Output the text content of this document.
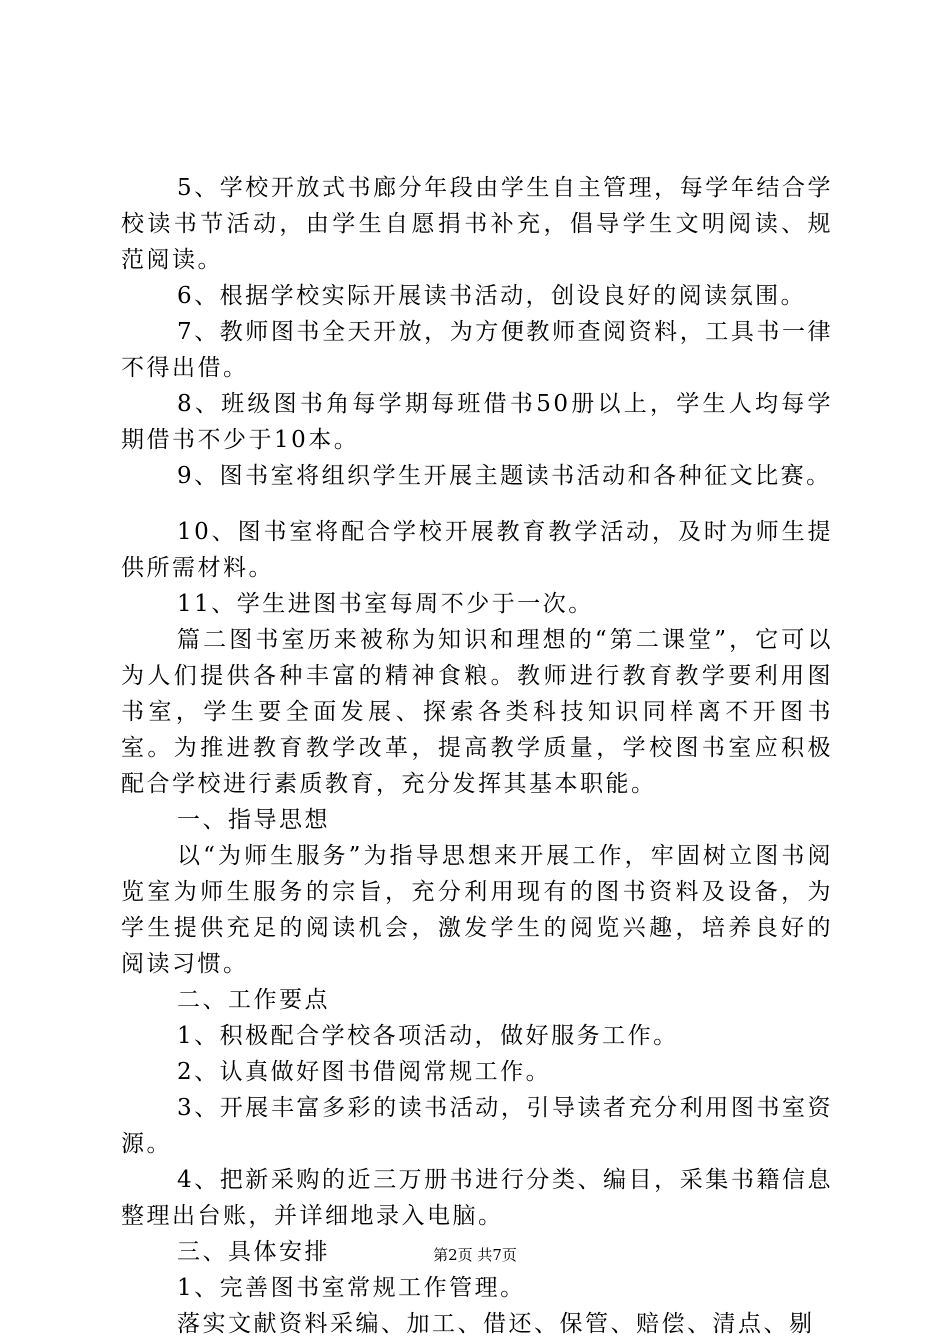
5、学校开放式书廊分年段由学生自主管理，每学年结合学校读书节活动，由学生自愿捐书补充，倡导学生文明阅读、规范阅读。

6、根据学校实际开展读书活动，创设良好的阅读氛围。

7、教师图书全天开放，为方便教师查阅资料，工具书一律不得出借。

8、班级图书角每学期每班借书50册以上，学生人均每学期借书不少于10本。

9、图书室将组织学生开展主题读书活动和各种征文比赛。

10、图书室将配合学校开展教育教学活动，及时为师生提供所需材料。

11、学生进图书室每周不少于一次。

篇二图书室历来被称为知识和理想的“第二课堂”，它可以为人们提供各种丰富的精神食粮。教师进行教育教学要利用图书室，学生要全面发展、探索各类科技知识同样离不开图书室。为推进教育教学改革，提高教学质量，学校图书室应积极配合学校进行素质教育，充分发挥其基本职能。

一、指导思想

以“为师生服务”为指导思想来开展工作，牢固树立图书阅览室为师生服务的宗旨，充分利用现有的图书资料及设备，为学生提供充足的阅读机会，激发学生的阅览兴趣，培养良好的阅读习惯。

二、工作要点

1、积极配合学校各项活动，做好服务工作。

2、认真做好图书借阅常规工作。

3、开展丰富多彩的读书活动，引导读者充分利用图书室资源。

4、把新采购的近三万册书进行分类、编目，采集书籍信息整理出台账，并详细地录入电脑。

三、具体安排

1、完善图书室常规工作管理。

落实文献资料采编、加工、借还、保管、赔偿、清点、剔

第2页 共7页
